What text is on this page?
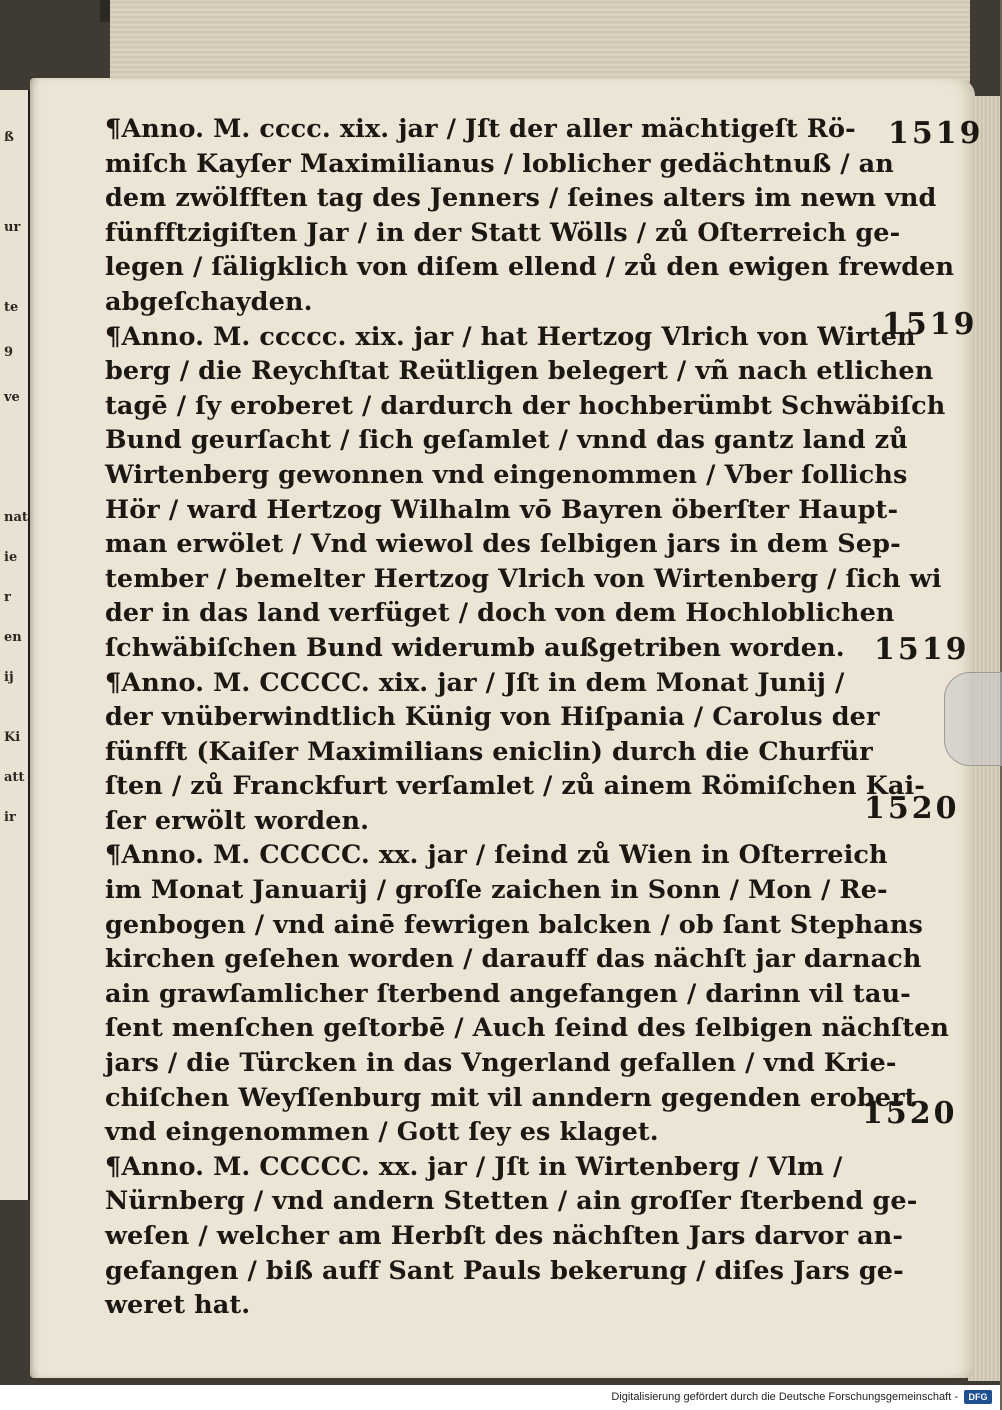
ß
ur
te
9
ve
nat
ie
r
en
ij
Ki
att
ir
¶Anno. M. cccc. xix. jar / Jſt der aller mächtigeſt Rö-
miſch Kayſer Maximilianus / loblicher gedächtnuß / an
dem zwölfften tag des Jenners / ſeines alters im newn vnd
fünfftzigiſten Jar / in der Statt Wölls / zů Oſterreich ge-
legen / ſäligklich von diſem ellend / zů den ewigen frewden
abgeſchayden.
¶Anno. M. ccccc. xix. jar / hat Hertzog Vlrich von Wirten
berg / die Reychſtat Reütligen belegert / vñ nach etlichen
tagē / ſy eroberet / dardurch der hochberümbt Schwäbiſch
Bund geurſacht / ſich geſamlet / vnnd das gantz land zů
Wirtenberg gewonnen vnd eingenommen / Vber ſollichs
Hör / ward Hertzog Wilhalm vō Bayren öberſter Haupt-
man erwölet / Vnd wiewol des ſelbigen jars in dem Sep-
tember / bemelter Hertzog Vlrich von Wirtenberg / ſich wi
der in das land verfüget / doch von dem Hochloblichen
ſchwäbiſchen Bund widerumb außgetriben worden.
¶Anno. M. CCCCC. xix. jar / Jſt in dem Monat Junij /
der vnüberwindtlich Künig von Hiſpania / Carolus der
fünfft (Kaiſer Maximilians eniclin) durch die Churfür
ſten / zů Franckfurt verſamlet / zů ainem Römiſchen Kai-
ſer erwölt worden.
¶Anno. M. CCCCC. xx. jar / ſeind zů Wien in Oſterreich
im Monat Januarij / groſſe zaichen in Sonn / Mon / Re-
genbogen / vnd ainē fewrigen balcken / ob ſant Stephans
kirchen geſehen worden / darauff das nächſt jar darnach
ain grawſamlicher ſterbend angefangen / darinn vil tau-
ſent menſchen geſtorbē / Auch ſeind des ſelbigen nächſten
jars / die Türcken in das Vngerland gefallen / vnd Krie-
chiſchen Weyſſenburg mit vil anndern gegenden erobert
vnd eingenommen / Gott ſey es klaget.
¶Anno. M. CCCCC. xx. jar / Jſt in Wirtenberg / Vlm /
Nürnberg / vnd andern Stetten / ain groſſer ſterbend ge-
weſen / welcher am Herbſt des nächſten Jars darvor an-
gefangen / biß auff Sant Pauls bekerung / diſes Jars ge-
weret hat.
1519
1519
1519
1520
1520
Digitalisierung gefördert durch die Deutsche Forschungsgemeinschaft -	DFG
